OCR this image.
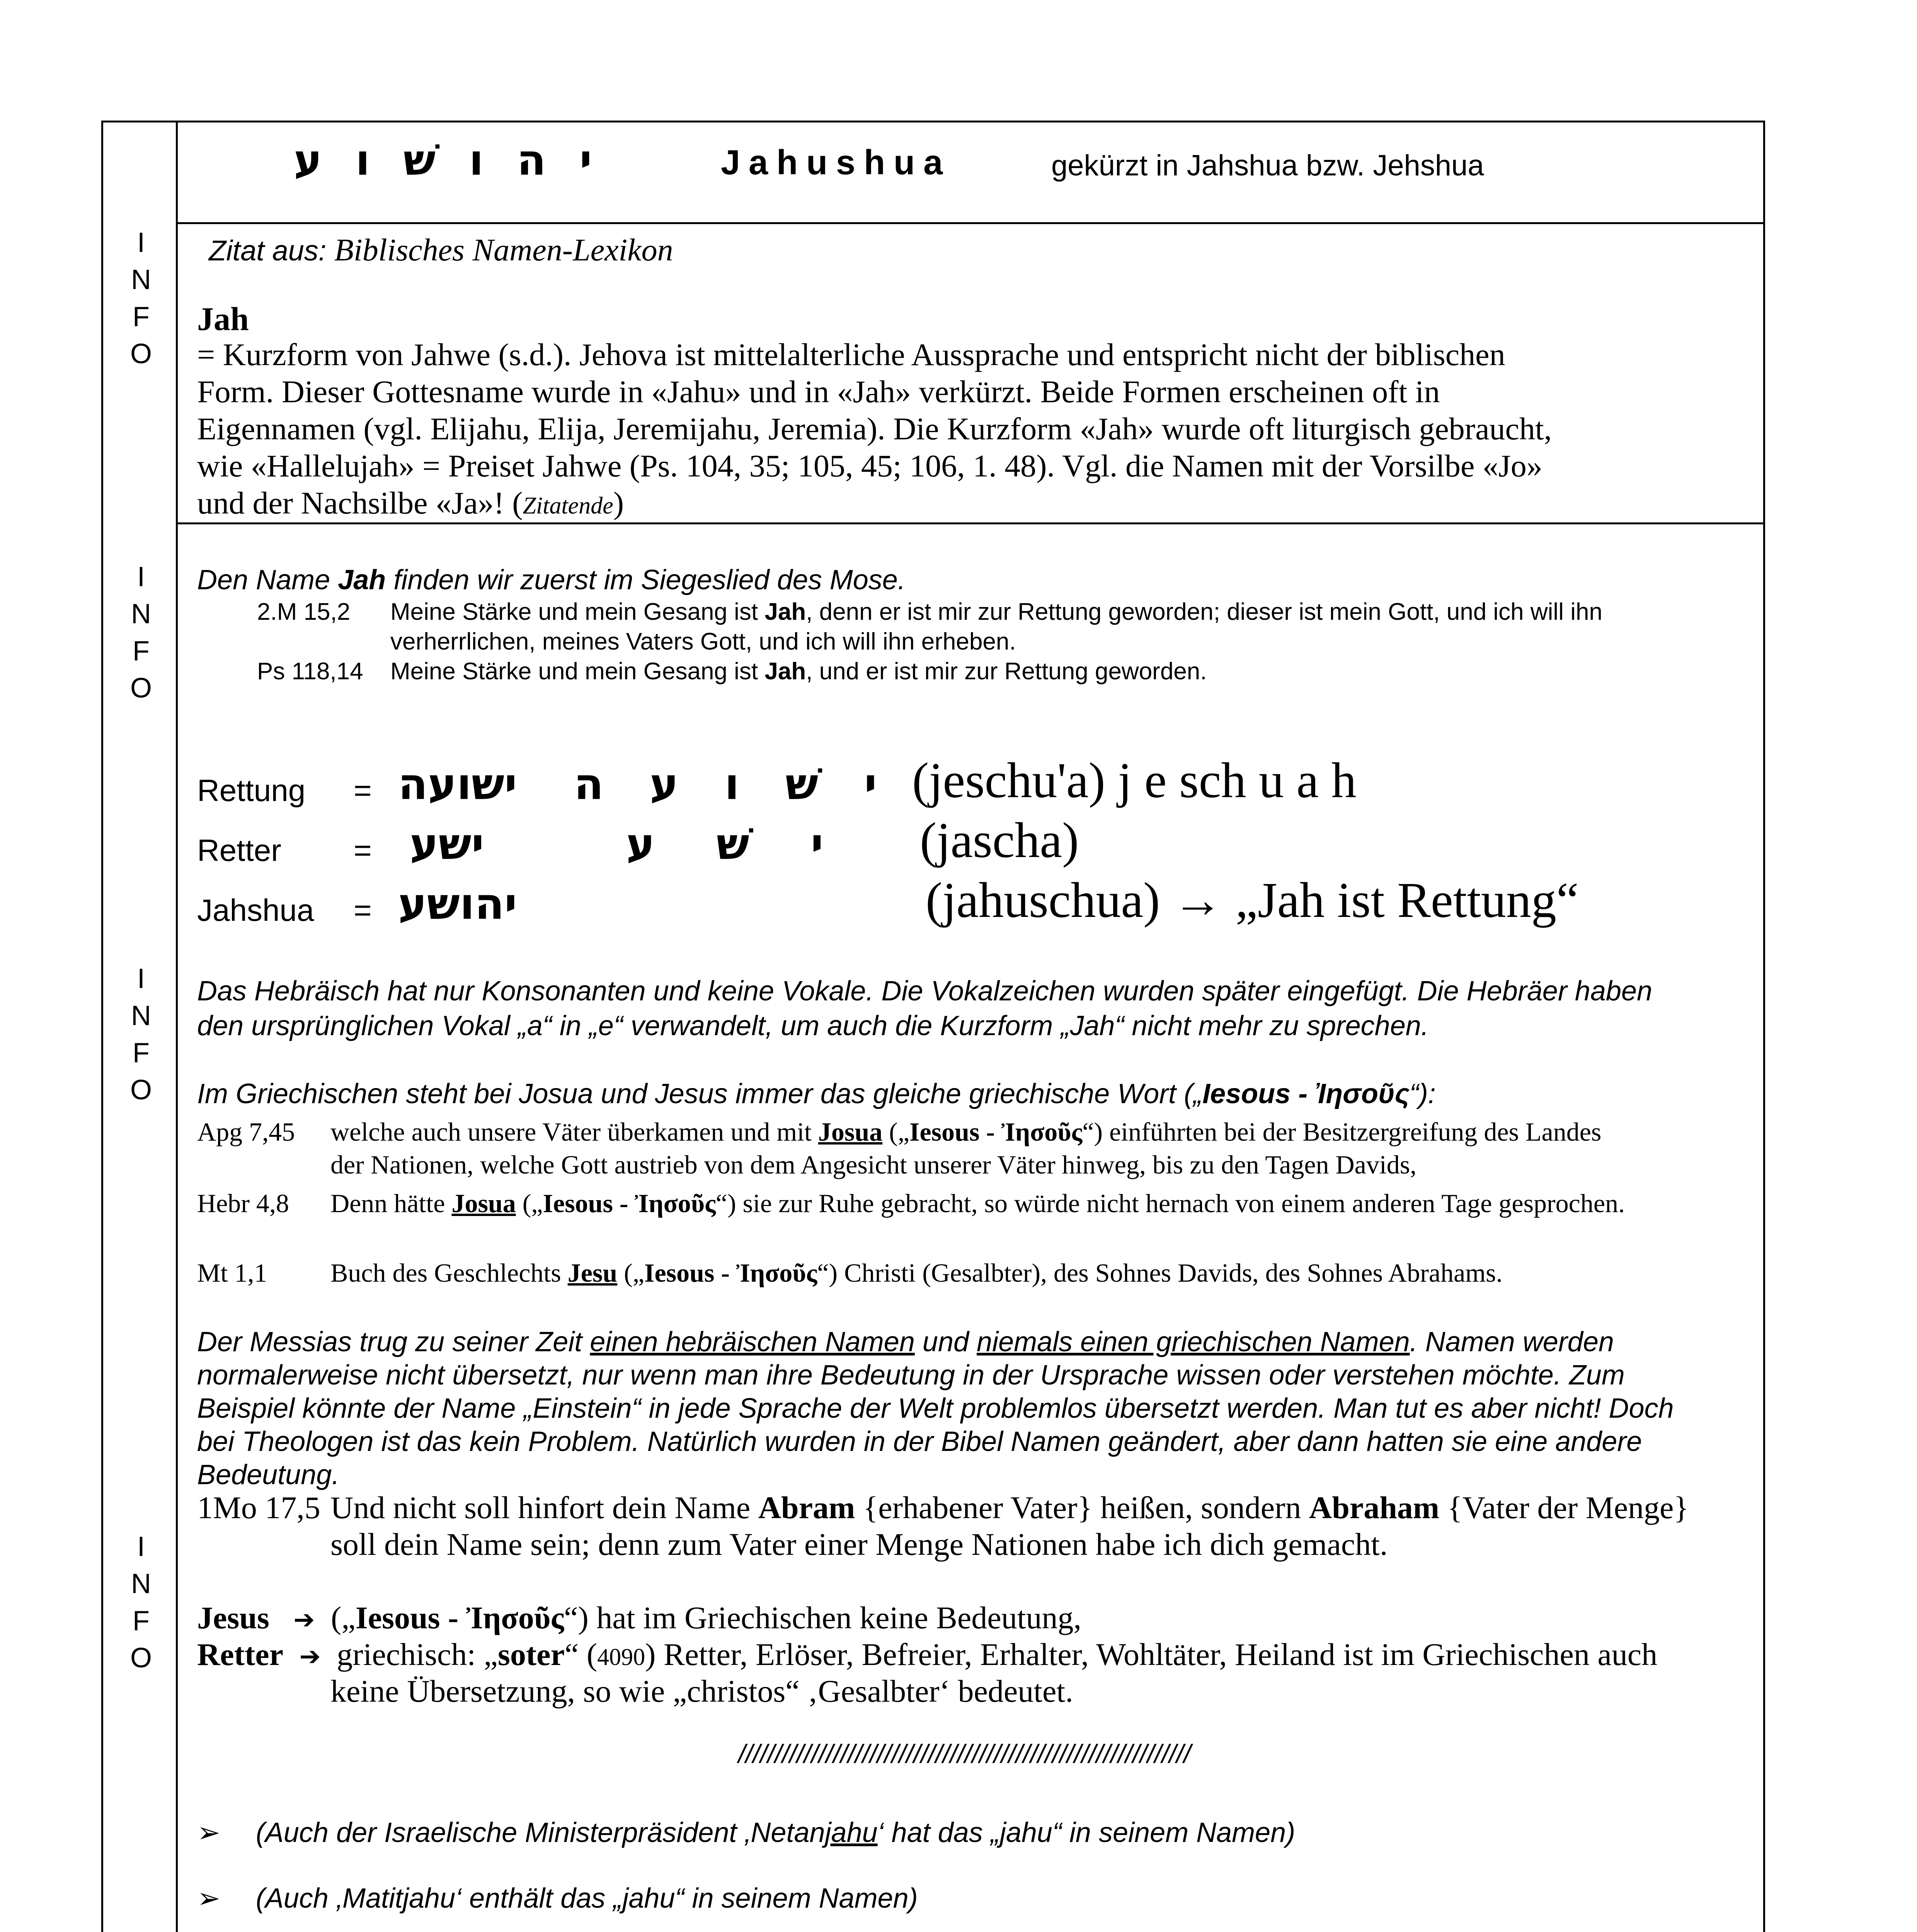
I
N
F
O
I
N
F
O
I
N
F
O
I
N
F
O
י ה ו שׁ ו ע	Jahushua	gekürzt in Jahshua bzw. Jehshua
Zitat aus: Biblisches Namen-Lexikon
Jah
= Kurzform von Jahwe (s.d.). Jehova ist mittelalterliche Aussprache und entspricht nicht der biblischen
Form. Dieser Gottesname wurde in «Jahu» und in «Jah» verkürzt. Beide Formen erscheinen oft in
Eigennamen (vgl. Elijahu, Elija, Jeremijahu, Jeremia). Die Kurzform «Jah» wurde oft liturgisch gebraucht,
wie «Hallelujah» = Preiset Jahwe (Ps. 104, 35; 105, 45; 106, 1. 48). Vgl. die Namen mit der Vorsilbe «Jo»
und der Nachsilbe «Ja»! (Zitatende)
Den Name Jah finden wir zuerst im Siegeslied des Mose.
2.M 15,2 Meine Stärke und mein Gesang ist Jah, denn er ist mir zur Rettung geworden; dieser ist mein Gott, und ich will ihn
verherrlichen, meines Vaters Gott, und ich will ihn erheben.
Ps 118,14 Meine Stärke und mein Gesang ist Jah, und er ist mir zur Rettung geworden.
Rettung = ישועה י שׁ ו ע ה (jeschu'a) j e sch u a h
Retter = ישע	י שׁ ע (jascha)
Jahshua = יהושע	(jahuschua) → „Jah ist Rettung“
Das Hebräisch hat nur Konsonanten und keine Vokale. Die Vokalzeichen wurden später eingefügt. Die Hebräer haben
den ursprünglichen Vokal „a“ in „e“ verwandelt, um auch die Kurzform „Jah“ nicht mehr zu sprechen.
Im Griechischen steht bei Josua und Jesus immer das gleiche griechische Wort („Iesous - Ἰησοῦς“):
Apg 7,45 welche auch unsere Väter überkamen und mit Josua („Iesous - Ἰησοῦς“) einführten bei der Besitzergreifung des Landes
der Nationen, welche Gott austrieb von dem Angesicht unserer Väter hinweg, bis zu den Tagen Davids,
Hebr 4,8 Denn hätte Josua („Iesous - Ἰησοῦς“) sie zur Ruhe gebracht, so würde nicht hernach von einem anderen Tage gesprochen.
Mt 1,1 Buch des Geschlechts Jesu („Iesous - Ἰησοῦς“) Christi (Gesalbter), des Sohnes Davids, des Sohnes Abrahams.
Der Messias trug zu seiner Zeit einen hebräischen Namen und niemals einen griechischen Namen. Namen werden
normalerweise nicht übersetzt, nur wenn man ihre Bedeutung in der Ursprache wissen oder verstehen möchte. Zum
Beispiel könnte der Name „Einstein“ in jede Sprache der Welt problemlos übersetzt werden. Man tut es aber nicht! Doch
bei Theologen ist das kein Problem. Natürlich wurden in der Bibel Namen geändert, aber dann hatten sie eine andere
Bedeutung.
1Mo 17,5 Und nicht soll hinfort dein Name Abram {erhabener Vater} heißen, sondern Abraham {Vater der Menge}
soll dein Name sein; denn zum Vater einer Menge Nationen habe ich dich gemacht.
Jesus   ➔  („Iesous - Ἰησοῦς“) hat im Griechischen keine Bedeutung,
Retter  ➔  griechisch: „soter“ (4090) Retter, Erlöser, Befreier, Erhalter, Wohltäter, Heiland ist im Griechischen auch
keine Übersetzung, so wie „christos“ ‚Gesalbter‘ bedeutet.
//////////////////////////////////////////////////////////////
➢    (Auch der Israelische Ministerpräsident ‚Netanjahu‘ hat das „jahu“ in seinem Namen)
➢    (Auch ‚Matitjahu‘ enthält das „jahu“ in seinem Namen)
